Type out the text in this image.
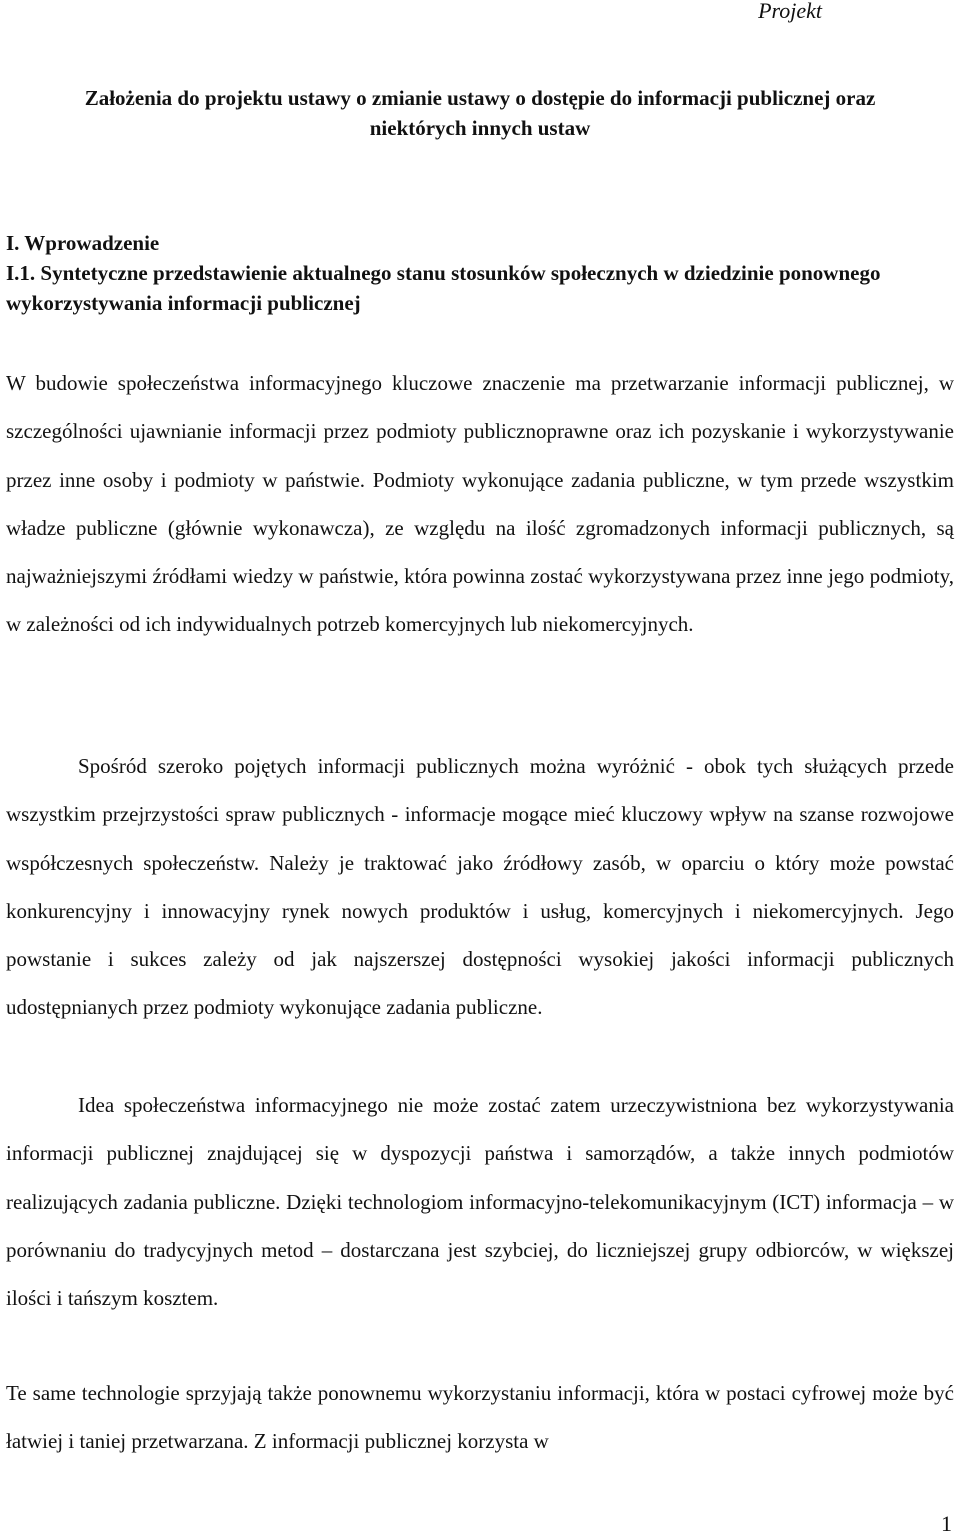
Projekt
Założenia do projektu ustawy o zmianie ustawy o dostępie do informacji publicznej oraz
niektórych innych ustaw
I. Wprowadzenie
I.1. Syntetyczne przedstawienie aktualnego stanu stosunków społecznych w dziedzinie ponownego wykorzystywania informacji publicznej

W budowie społeczeństwa informacyjnego kluczowe znaczenie ma przetwarzanie informacji publicznej, w szczególności ujawnianie informacji przez podmioty publicznoprawne oraz ich pozyskanie i wykorzystywanie przez inne osoby i podmioty w państwie. Podmioty wykonujące zadania publiczne, w tym przede wszystkim władze publiczne (głównie wykonawcza), ze względu na ilość zgromadzonych informacji publicznych, są najważniejszymi źródłami wiedzy w państwie, która powinna zostać wykorzystywana przez inne jego podmioty, w zależności od ich indywidualnych potrzeb komercyjnych lub niekomercyjnych.

Spośród szeroko pojętych informacji publicznych można wyróżnić - obok tych służących przede wszystkim przejrzystości spraw publicznych - informacje mogące mieć kluczowy wpływ na szanse rozwojowe współczesnych społeczeństw. Należy je traktować jako źródłowy zasób, w oparciu o który może powstać konkurencyjny i innowacyjny rynek nowych produktów i usług, komercyjnych i niekomercyjnych. Jego powstanie i sukces zależy od jak najszerszej dostępności wysokiej jakości informacji publicznych udostępnianych przez podmioty wykonujące zadania publiczne.

Idea społeczeństwa informacyjnego nie może zostać zatem urzeczywistniona bez wykorzystywania informacji publicznej znajdującej się w dyspozycji państwa i samorządów, a także innych podmiotów realizujących zadania publiczne. Dzięki technologiom informacyjno-telekomunikacyjnym (ICT) informacja – w porównaniu do tradycyjnych metod – dostarczana jest szybciej, do liczniejszej grupy odbiorców, w większej ilości i tańszym kosztem.

Te same technologie sprzyjają także ponownemu wykorzystaniu informacji, która w postaci cyfrowej może być łatwiej i taniej przetwarzana. Z informacji publicznej korzysta w

1
